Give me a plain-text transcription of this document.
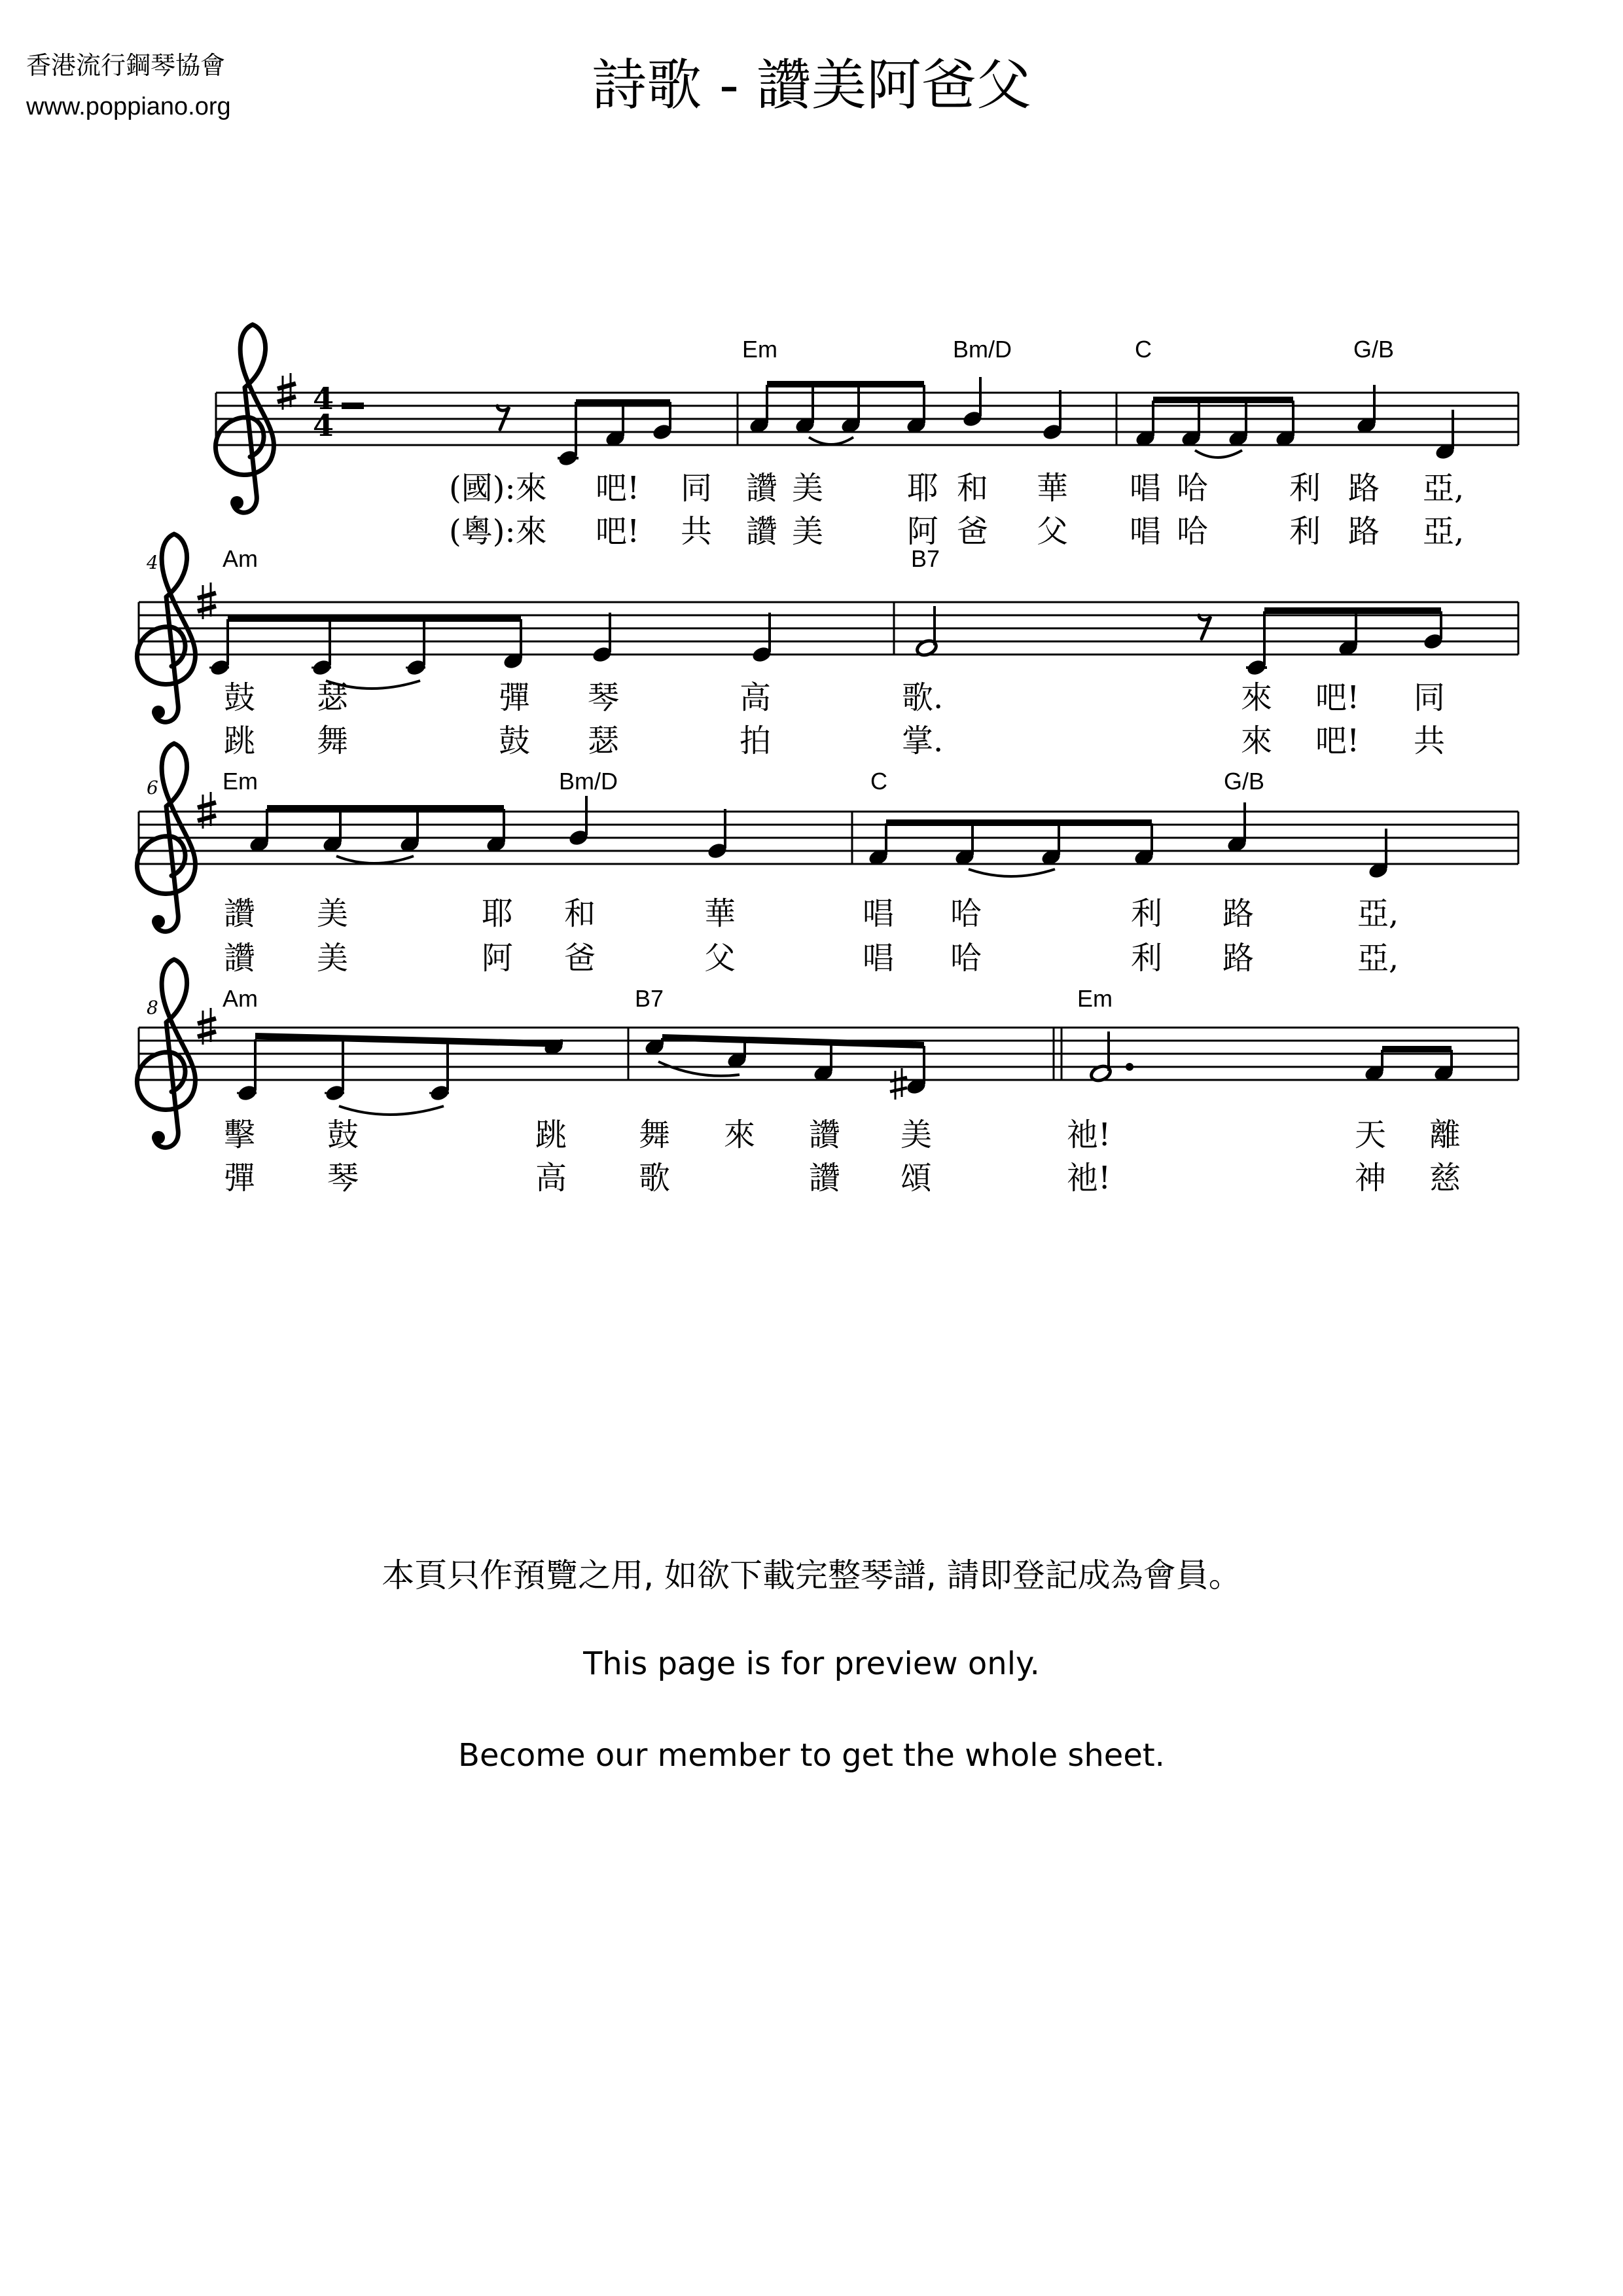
香港流行鋼琴協會
www.poppiano.org	詩歌 - 讚美阿爸父
4
4
Em	Bm/D	C	G/B
Am	B7
Em	Bm/D	C	G/B
Am	B7	Em
4
6
8
(國):來 吧! 同 讚 美	耶 和 華 唱 哈	利 路 亞,
(粵):來 吧! 共 讚 美	阿 爸 父 唱 哈	利 路 亞,
鼓 瑟	彈 琴	高	歌.	來 吧! 同
跳 舞	鼓 瑟	拍	掌.	來 吧! 共
讚 美	耶 和	華	唱 哈	利 路	亞,
讚 美	阿 爸	父	唱 哈	利 路	亞,
擊 鼓	跳 舞 來 讚 美	祂!	天 離
彈 琴	高 歌	讚 頌	祂!	神 慈
本頁只作預覽之用, 如欲下載完整琴譜, 請即登記成為會員。
This page is for preview only.
Become our member to get the whole sheet.
